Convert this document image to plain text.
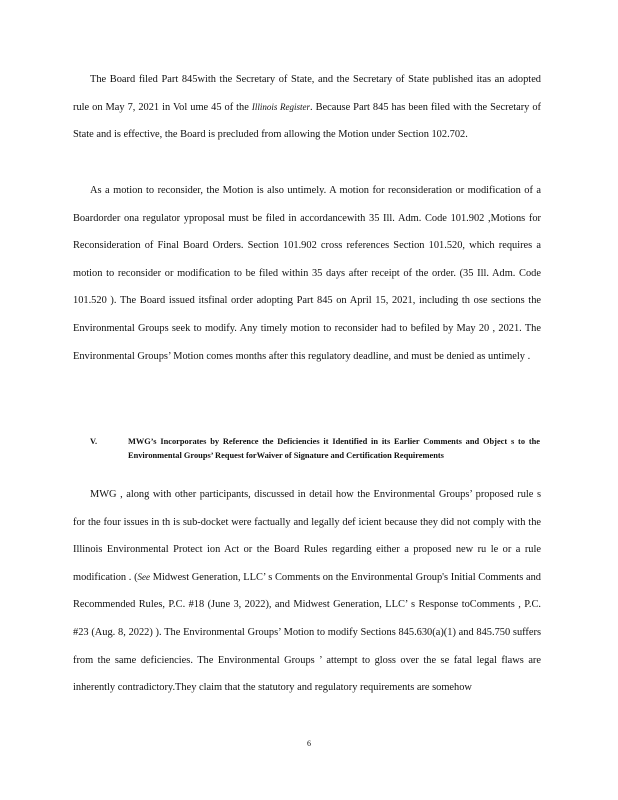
The Board filed Part 845with the Secretary of State, and the Secretary of State published itas an adopted rule on May 7, 2021 in Vol ume 45 of the Illinois Register. Because Part 845 has been filed with the Secretary of State and is effective, the Board is precluded from allowing the Motion under Section 102.702.

As a motion to reconsider, the Motion is also untimely. A motion for reconsideration or modification of a Boardorder ona regulator yproposal must be filed in accordancewith 35 Ill. Adm. Code 101.902 ,Motions for Reconsideration of Final Board Orders. Section 101.902 cross references Section 101.520, which requires a motion to reconsider or modification to be filed within 35 days after receipt of the order. (35 Ill. Adm. Code 101.520 ). The Board issued itsfinal order adopting Part 845 on April 15, 2021, including th ose sections the Environmental Groups seek to modify. Any timely motion to reconsider had to befiled by May 20 , 2021. The Environmental Groups’ Motion comes months after this regulatory deadline, and must be denied as untimely .

V.	MWG’s Incorporates by Reference the Deficiencies it Identified in its Earlier Comments and Object s to the Environmental Groups’ Request forWaiver of Signature and Certification Requirements

MWG , along with other participants, discussed in detail how the Environmental Groups’ proposed rule s for the four issues in th is sub-docket were factually and legally def icient because they did not comply with the Illinois Environmental Protect ion Act or the Board Rules regarding either a proposed new ru le or a rule modification . (See Midwest Generation, LLC’ s Comments on the Environmental Group's Initial Comments and Recommended Rules, P.C. #18 (June 3, 2022), and Midwest Generation, LLC’ s Response toComments , P.C. #23 (Aug. 8, 2022) ). The Environmental Groups’ Motion to modify Sections 845.630(a)(1) and 845.750 suffers from the same deficiencies. The Environmental Groups ’ attempt to gloss over the se fatal legal flaws are inherently contradictory.They claim that the statutory and regulatory requirements are somehow

6
